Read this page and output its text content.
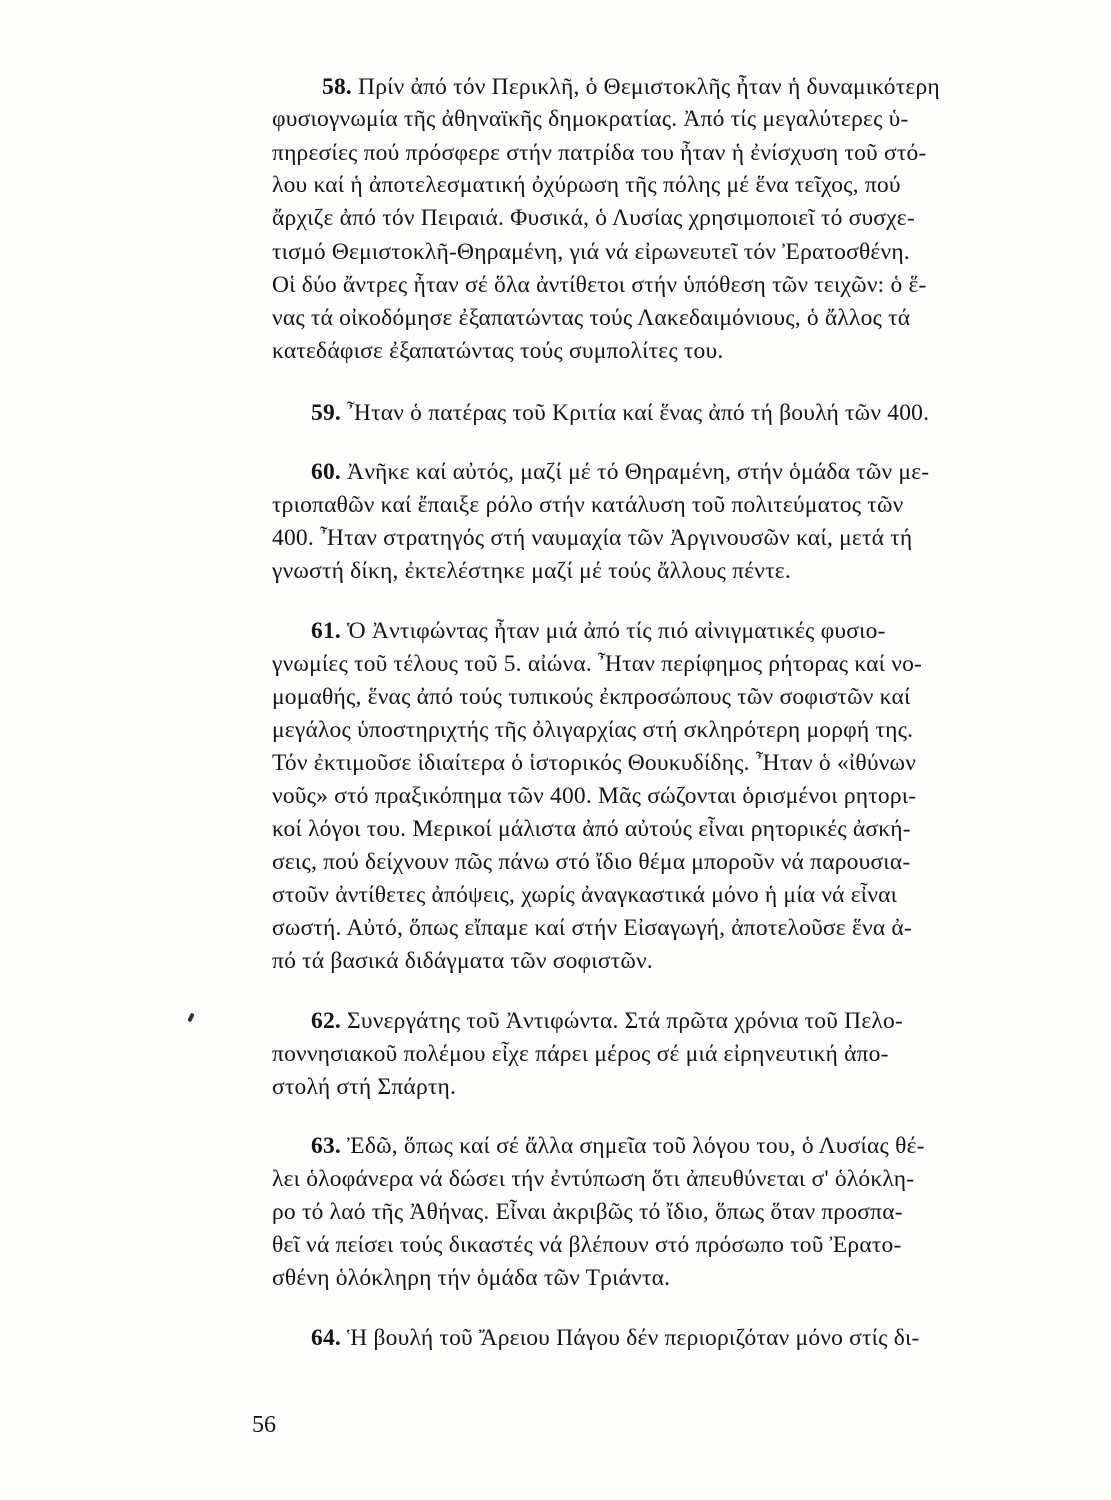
58. Πρίν ἀπό τόν Περικλῆ, ὁ Θεμιστοκλῆς ἦταν ἡ δυναμικότερη
φυσιογνωμία τῆς ἀθηναϊκῆς δημοκρατίας. Ἀπό τίς μεγαλύτερες ὑ-
πηρεσίες πού πρόσφερε στήν πατρίδα του ἦταν ἡ ἐνίσχυση τοῦ στό-
λου καί ἡ ἀποτελεσματική ὀχύρωση τῆς πόλης μέ ἕνα τεῖχος, πού
ἄρχιζε ἀπό τόν Πειραιά. Φυσικά, ὁ Λυσίας χρησιμοποιεῖ τό συσχε-
τισμό Θεμιστοκλῆ-Θηραμένη, γιά νά εἰρωνευτεῖ τόν Ἐρατοσθένη.
Οἱ δύο ἄντρες ἦταν σέ ὅλα ἀντίθετοι στήν ὑπόθεση τῶν τειχῶν: ὁ ἕ-
νας τά οἰκοδόμησε ἐξαπατώντας τούς Λακεδαιμόνιους, ὁ ἄλλος τά
κατεδάφισε ἐξαπατώντας τούς συμπολίτες του.
59. Ἦταν ὁ πατέρας τοῦ Κριτία καί ἕνας ἀπό τή βουλή τῶν 400.
60. Ἀνῆκε καί αὐτός, μαζί μέ τό Θηραμένη, στήν ὁμάδα τῶν με-
τριοπαθῶν καί ἔπαιξε ρόλο στήν κατάλυση τοῦ πολιτεύματος τῶν
400. Ἦταν στρατηγός στή ναυμαχία τῶν Ἀργινουσῶν καί, μετά τή
γνωστή δίκη, ἐκτελέστηκε μαζί μέ τούς ἄλλους πέντε.
61. Ὁ Ἀντιφώντας ἦταν μιά ἀπό τίς πιό αἰνιγματικές φυσιο-
γνωμίες τοῦ τέλους τοῦ 5. αἰώνα. Ἦταν περίφημος ρήτορας καί νο-
μομαθής, ἕνας ἀπό τούς τυπικούς ἐκπροσώπους τῶν σοφιστῶν καί
μεγάλος ὑποστηριχτής τῆς ὀλιγαρχίας στή σκληρότερη μορφή της.
Τόν ἐκτιμοῦσε ἰδιαίτερα ὁ ἱστορικός Θουκυδίδης. Ἦταν ὁ «ἰθύνων
νοῦς» στό πραξικόπημα τῶν 400. Μᾶς σώζονται ὁρισμένοι ρητορι-
κοί λόγοι του. Μερικοί μάλιστα ἀπό αὐτούς εἶναι ρητορικές ἀσκή-
σεις, πού δείχνουν πῶς πάνω στό ἴδιο θέμα μποροῦν νά παρουσια-
στοῦν ἀντίθετες ἀπόψεις, χωρίς ἀναγκαστικά μόνο ἡ μία νά εἶναι
σωστή. Αὐτό, ὅπως εἴπαμε καί στήν Εἰσαγωγή, ἀποτελοῦσε ἕνα ἀ-
πό τά βασικά διδάγματα τῶν σοφιστῶν.
62. Συνεργάτης τοῦ Ἀντιφώντα. Στά πρῶτα χρόνια τοῦ Πελο-
ποννησιακοῦ πολέμου εἶχε πάρει μέρος σέ μιά εἰρηνευτική ἀπο-
στολή στή Σπάρτη.
63. Ἐδῶ, ὅπως καί σέ ἄλλα σημεῖα τοῦ λόγου του, ὁ Λυσίας θέ-
λει ὁλοφάνερα νά δώσει τήν ἐντύπωση ὅτι ἀπευθύνεται σ' ὁλόκλη-
ρο τό λαό τῆς Ἀθήνας. Εἶναι ἀκριβῶς τό ἴδιο, ὅπως ὅταν προσπα-
θεῖ νά πείσει τούς δικαστές νά βλέπουν στό πρόσωπο τοῦ Ἐρατο-
σθένη ὁλόκληρη τήν ὁμάδα τῶν Τριάντα.
64. Ἡ βουλή τοῦ Ἄρειου Πάγου δέν περιοριζόταν μόνο στίς δι-
56
